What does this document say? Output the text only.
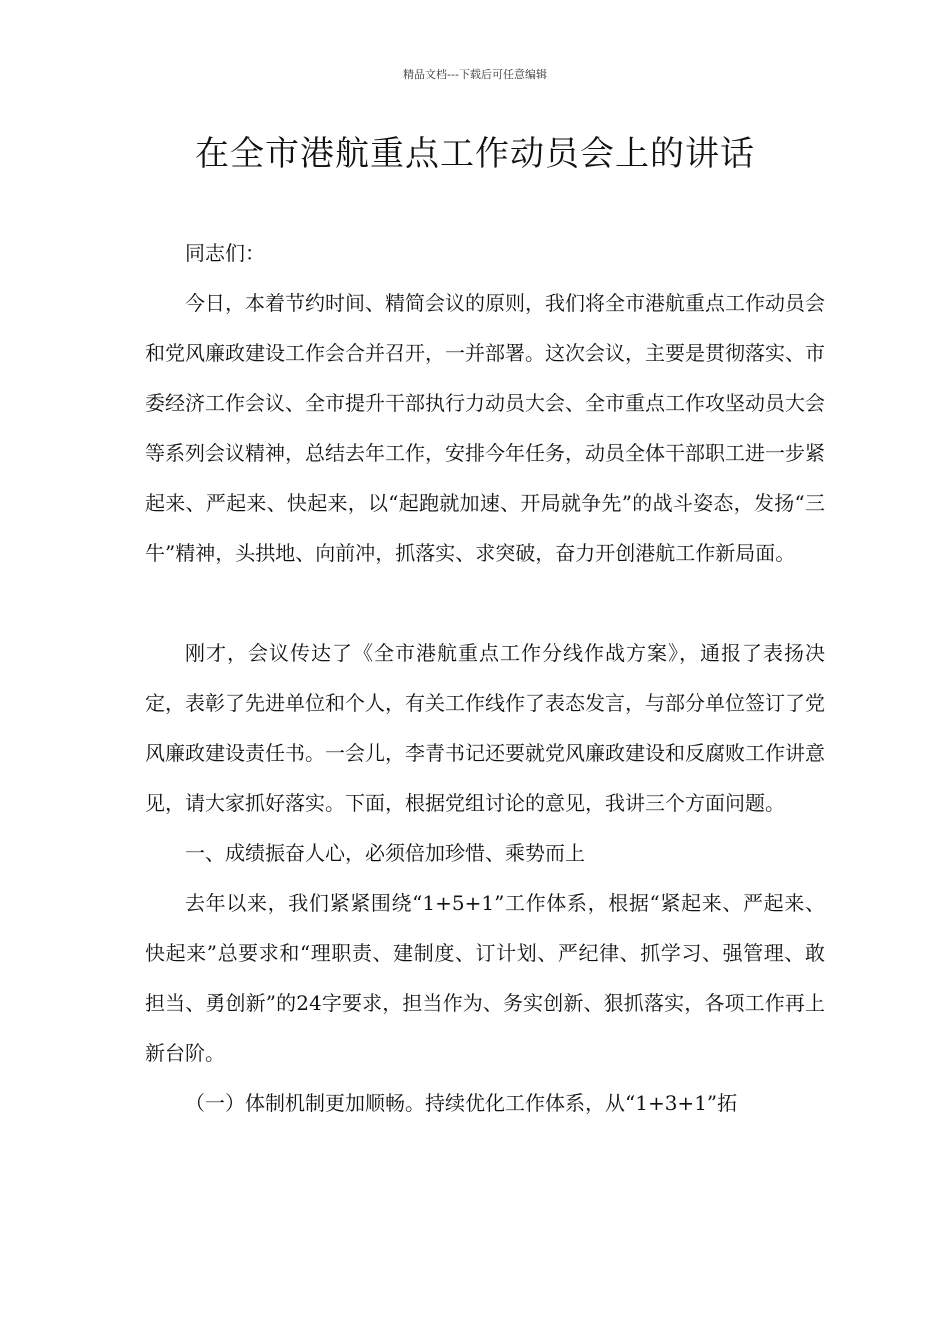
精品文档---下载后可任意编辑
在全市港航重点工作动员会上的讲话

同志们：

今日，本着节约时间、精简会议的原则，我们将全市港航重点工作动员会和党风廉政建设工作会合并召开，一并部署。这次会议，主要是贯彻落实、市委经济工作会议、全市提升干部执行力动员大会、全市重点工作攻坚动员大会等系列会议精神，总结去年工作，安排今年任务，动员全体干部职工进一步紧起来、严起来、快起来，以“起跑就加速、开局就争先”的战斗姿态，发扬“三牛”精神，头拱地、向前冲，抓落实、求突破，奋力开创港航工作新局面。

刚才，会议传达了《全市港航重点工作分线作战方案》，通报了表扬决定，表彰了先进单位和个人，有关工作线作了表态发言，与部分单位签订了党风廉政建设责任书。一会儿，李青书记还要就党风廉政建设和反腐败工作讲意见，请大家抓好落实。下面，根据党组讨论的意见，我讲三个方面问题。

一、成绩振奋人心，必须倍加珍惜、乘势而上

去年以来，我们紧紧围绕“1+5+1”工作体系，根据“紧起来、严起来、快起来”总要求和“理职责、建制度、订计划、严纪律、抓学习、强管理、敢担当、勇创新”的24字要求，担当作为、务实创新、狠抓落实，各项工作再上新台阶。

（一）体制机制更加顺畅。持续优化工作体系，从“1+3+1”拓
